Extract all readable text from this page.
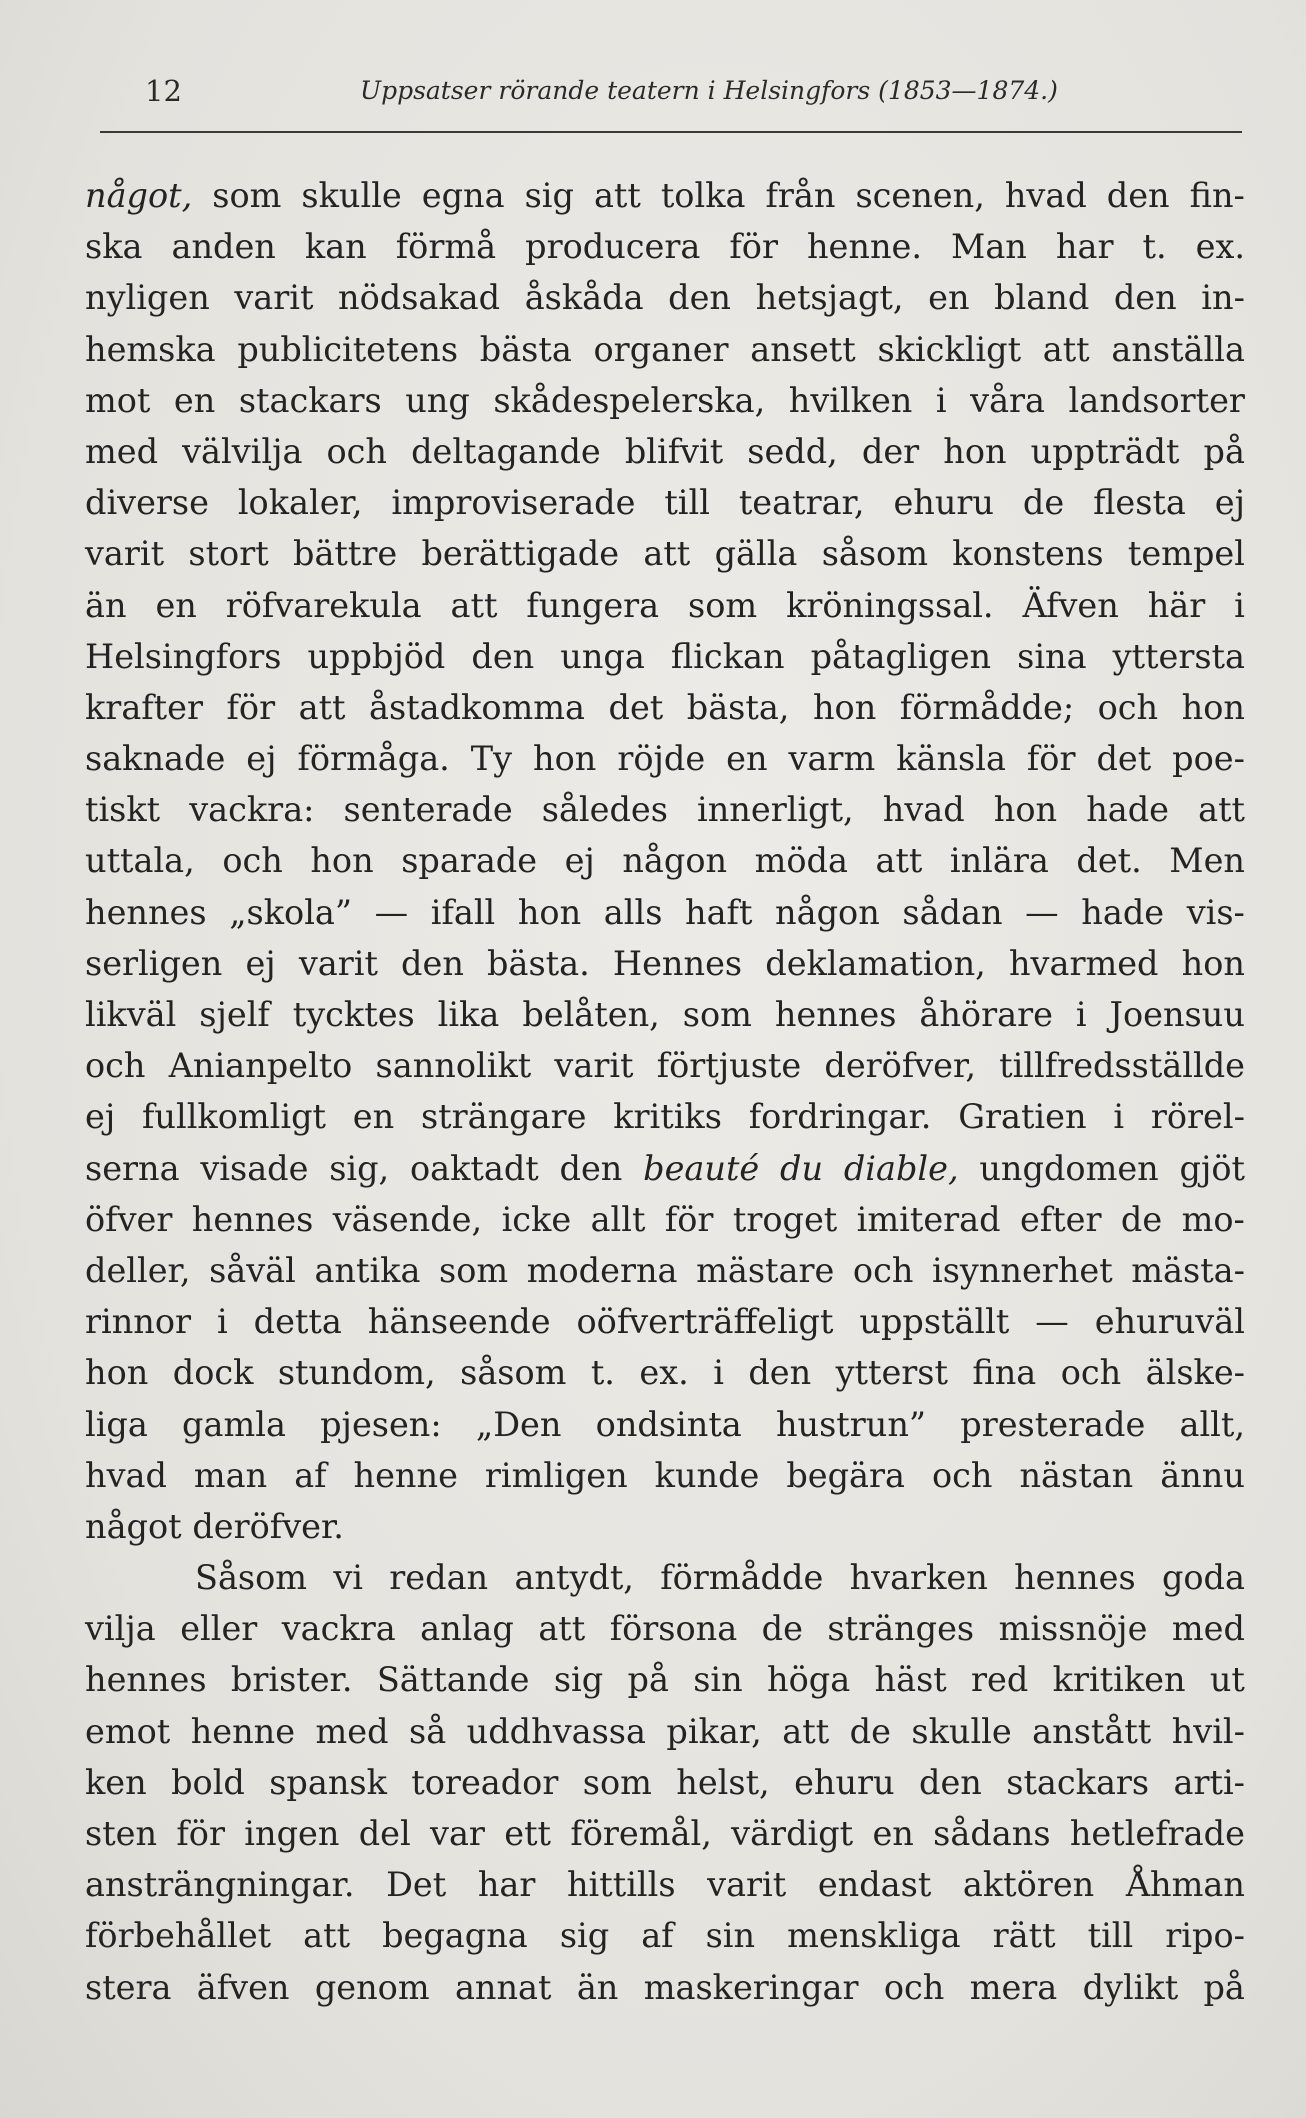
12	Uppsatser rörande teatern i Helsingfors (1853—1874.)
något, som skulle egna sig att tolka från scenen, hvad den fin-
ska anden kan förmå producera för henne. Man har t. ex.
nyligen varit nödsakad åskåda den hetsjagt, en bland den in-
hemska publicitetens bästa organer ansett skickligt att anställa
mot en stackars ung skådespelerska, hvilken i våra landsorter
med välvilja och deltagande blifvit sedd, der hon uppträdt på
diverse lokaler, improviserade till teatrar, ehuru de flesta ej
varit stort bättre berättigade att gälla såsom konstens tempel
än en röfvarekula att fungera som kröningssal. Äfven här i
Helsingfors uppbjöd den unga flickan påtagligen sina yttersta
krafter för att åstadkomma det bästa, hon förmådde; och hon
saknade ej förmåga. Ty hon röjde en varm känsla för det poe-
tiskt vackra: senterade således innerligt, hvad hon hade att
uttala, och hon sparade ej någon möda att inlära det. Men
hennes „skola” — ifall hon alls haft någon sådan — hade vis-
serligen ej varit den bästa. Hennes deklamation, hvarmed hon
likväl sjelf tycktes lika belåten, som hennes åhörare i Joensuu
och Anianpelto sannolikt varit förtjuste deröfver, tillfredsställde
ej fullkomligt en strängare kritiks fordringar. Gratien i rörel-
serna visade sig, oaktadt den beauté du diable, ungdomen gjöt
öfver hennes väsende, icke allt för troget imiterad efter de mo-
deller, såväl antika som moderna mästare och isynnerhet mästa-
rinnor i detta hänseende oöfverträffeligt uppställt — ehuruväl
hon dock stundom, såsom t. ex. i den ytterst fina och älske-
liga gamla pjesen: „Den ondsinta hustrun” presterade allt,
hvad man af henne rimligen kunde begära och nästan ännu
något deröfver.
Såsom vi redan antydt, förmådde hvarken hennes goda
vilja eller vackra anlag att försona de stränges missnöje med
hennes brister. Sättande sig på sin höga häst red kritiken ut
emot henne med så uddhvassa pikar, att de skulle anstått hvil-
ken bold spansk toreador som helst, ehuru den stackars arti-
sten för ingen del var ett föremål, värdigt en sådans hetlefrade
ansträngningar. Det har hittills varit endast aktören Åhman
förbehållet att begagna sig af sin menskliga rätt till ripo-
stera äfven genom annat än maskeringar och mera dylikt på
